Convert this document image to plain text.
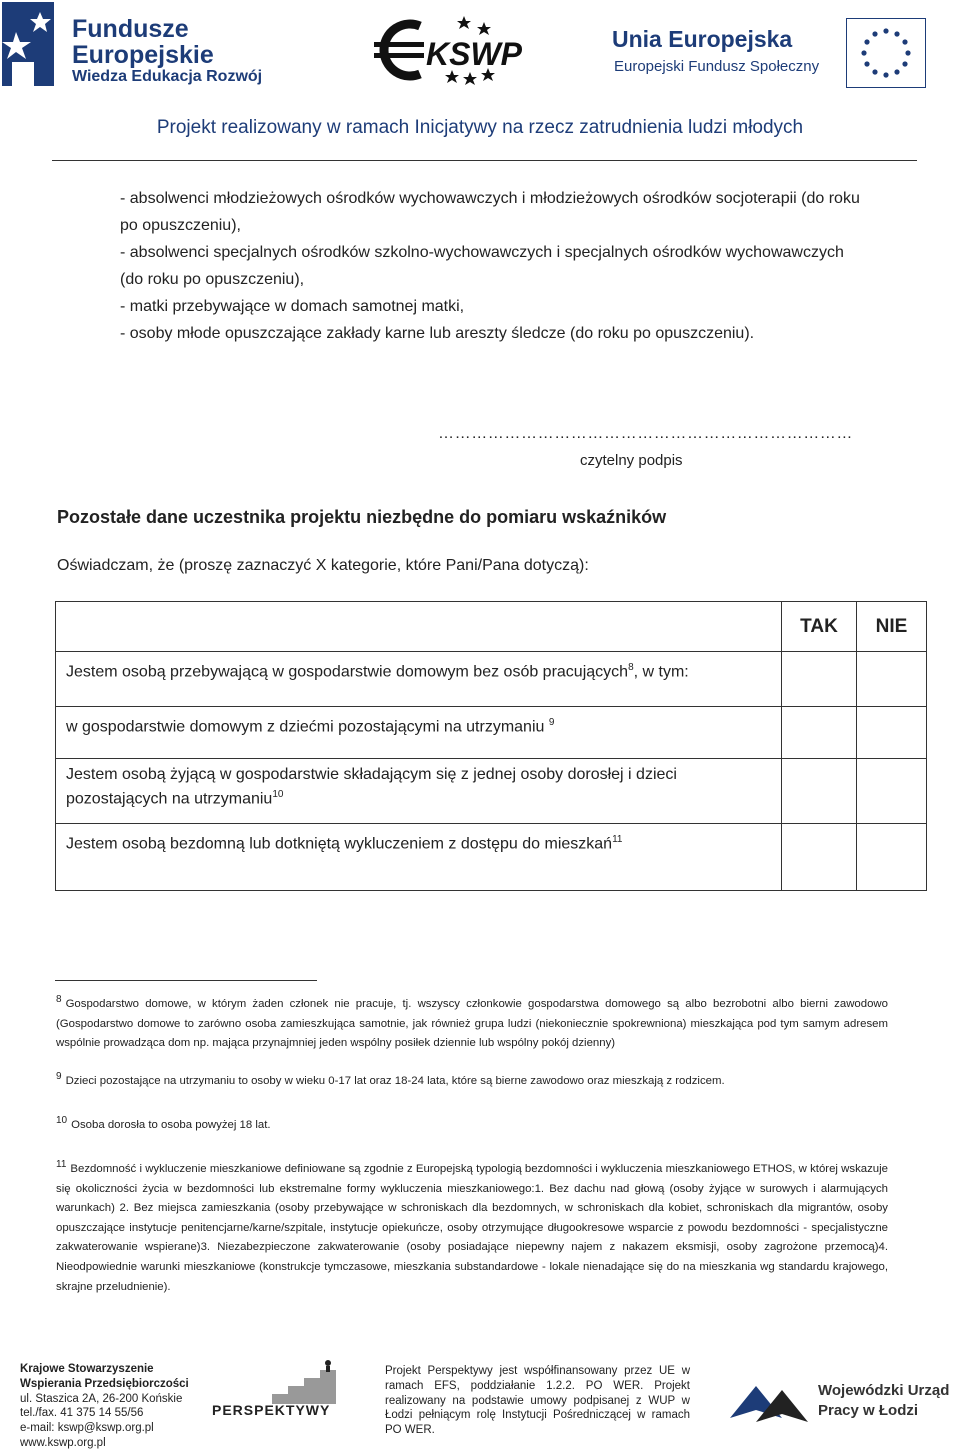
Fundusze
Europejskie
Wiedza Edukacja Rozwój
KSWP	Unia Europejska
Europejski Fundusz Społeczny
Projekt realizowany w ramach Inicjatywy na rzecz zatrudnienia ludzi młodych
- absolwenci młodzieżowych ośrodków wychowawczych i młodzieżowych ośrodków socjoterapii (do roku
po opuszczeniu),
- absolwenci specjalnych ośrodków szkolno-wychowawczych i specjalnych ośrodków wychowawczych
(do roku po opuszczeniu),
- matki przebywające w domach samotnej matki,
- osoby młode opuszczające zakłady karne lub areszty śledcze (do roku po opuszczeniu).
…………………………………………………………………
czytelny podpis
Pozostałe dane uczestnika projektu niezbędne do pomiaru wskaźników
Oświadczam, że (proszę zaznaczyć X kategorie, które Pani/Pana dotyczą):
	TAK	NIE
Jestem osobą przebywającą w gospodarstwie domowym bez osób pracujących$^8$, w tym:		
w gospodarstwie domowym z dziećmi pozostającymi na utrzymaniu $^9$		
Jestem osobą żyjącą w gospodarstwie składającym się z jednej osoby dorosłej i dzieci pozostających na utrzymaniu$^{10}$		
Jestem osobą bezdomną lub dotkniętą wykluczeniem z dostępu do mieszkań$^{11}$		
$^8$ Gospodarstwo domowe, w którym żaden członek nie pracuje, tj. wszyscy członkowie gospodarstwa domowego są albo bezrobotni albo bierni zawodowo (Gospodarstwo domowe to zarówno osoba zamieszkująca samotnie, jak również grupa ludzi (niekoniecznie spokrewniona) mieszkająca pod tym samym adresem wspólnie prowadząca dom np. mająca przynajmniej jeden wspólny posiłek dziennie lub wspólny pokój dzienny)
$^9$ Dzieci pozostające na utrzymaniu to osoby w wieku 0-17 lat oraz 18-24 lata, które są bierne zawodowo oraz mieszkają z rodzicem.
$^{10}$ Osoba dorosła to osoba powyżej 18 lat.
$^{11}$ Bezdomność i wykluczenie mieszkaniowe definiowane są zgodnie z Europejską typologią bezdomności i wykluczenia mieszkaniowego ETHOS, w której wskazuje się okoliczności życia w bezdomności lub ekstremalne formy wykluczenia mieszkaniowego:1. Bez dachu nad głową (osoby żyjące w surowych i alarmujących warunkach) 2. Bez miejsca zamieszkania (osoby przebywające w schroniskach dla bezdomnych, w schroniskach dla kobiet, schroniskach dla migrantów, osoby opuszczające instytucje penitencjarne/karne/szpitale, instytucje opiekuńcze, osoby otrzymujące długookresowe wsparcie z powodu bezdomności - specjalistyczne zakwaterowanie wspierane)3. Niezabezpieczone zakwaterowanie (osoby posiadające niepewny najem z nakazem eksmisji, osoby zagrożone przemocą)4. Nieodpowiednie warunki mieszkaniowe (konstrukcje tymczasowe, mieszkania substandardowe - lokale nienadające się do na mieszkania wg standardu krajowego, skrajne przeludnienie).
Krajowe Stowarzyszenie
Wspierania Przedsiębiorczości
ul. Staszica 2A, 26-200 Końskie
tel./fax. 41 375 14 55/56
e-mail: kswp@kswp.org.pl
www.kswp.org.pl
PERSPEKTYWY
Projekt Perspektywy jest współfinansowany przez UE w ramach EFS, poddziałanie 1.2.2. PO WER. Projekt realizowany na podstawie umowy podpisanej z WUP w Łodzi pełniącym rolę Instytucji Pośredniczącej w ramach PO WER.
Wojewódzki Urząd
Pracy w Łodzi
